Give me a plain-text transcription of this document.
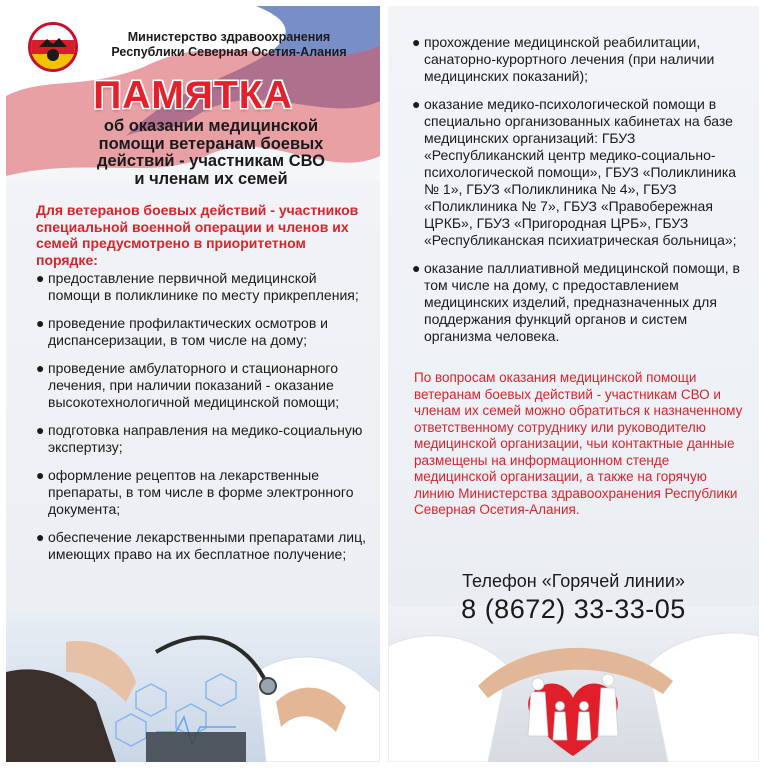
Министерство здравоохранения
Республики Северная Осетия-Алания
ПАМЯТКА
об оказании медицинской
помощи ветеранам боевых
действий - участникам СВО
и членам их семей
Для ветеранов боевых действий - участников специальной военной операции и членов их семей предусмотрено в приоритетном порядке:
● предоставление первичной медицинской помощи в поликлинике по месту прикрепления;
● проведение профилактических осмотров и диспансеризации, в том числе на дому;
● проведение амбулаторного и стационарного лечения, при наличии показаний - оказание высокотехнологичной медицинской помощи;
● подготовка направления на медико-социальную экспертизу;
● оформление рецептов на лекарственные препараты, в том числе в форме электронного документа;
● обеспечение лекарственными препаратами лиц, имеющих право на их бесплатное получение;
● прохождение медицинской реабилитации, санаторно-курортного лечения (при наличии медицинских показаний);
● оказание медико-психологической помощи в специально организованных кабинетах на базе медицинских организаций: ГБУЗ «Республиканский центр медико-социально-психологической помощи», ГБУЗ «Поликлиника № 1», ГБУЗ «Поликлиника № 4», ГБУЗ «Поликлиника № 7», ГБУЗ «Правобережная ЦРКБ», ГБУЗ «Пригородная ЦРБ», ГБУЗ «Республиканская психиатрическая больница»;
● оказание паллиативной медицинской помощи, в том числе на дому, с предоставлением медицинских изделий, предназначенных для поддержания функций органов и систем организма человека.
По вопросам оказания медицинской помощи ветеранам боевых действий - участникам СВО и членам их семей можно обратиться к назначенному ответственному сотруднику или руководителю медицинской организации, чьи контактные данные размещены на информационном стенде медицинской организации, а также на горячую линию Министерства здравоохранения Республики Северная Осетия-Алания.
Телефон «Горячей линии»
8 (8672) 33-33-05
